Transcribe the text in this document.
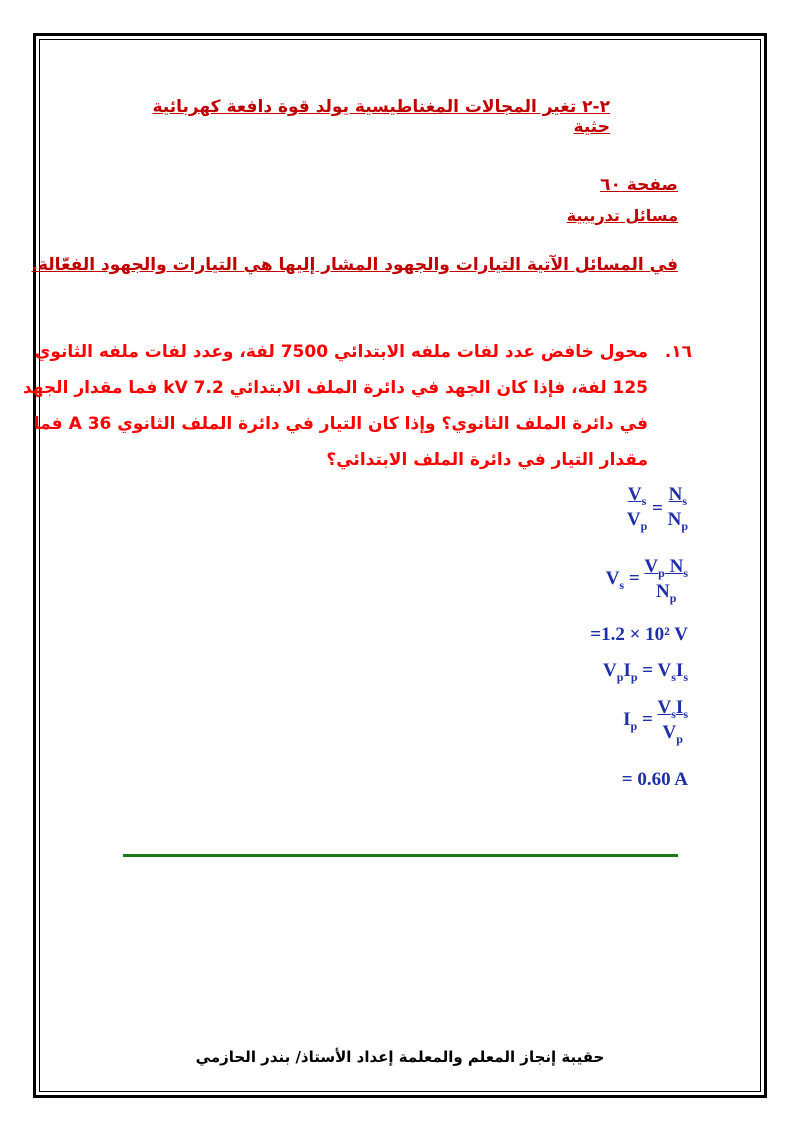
٢-٢ تغير المجالات المغناطيسية يولد قوة دافعة كهربائية حثية
صفحة ٦٠
مسائل تدريبية
في المسائل الآتية التيارات والجهود المشار إليها هي التيارات والجهود الفعّالة.
١٦.محول خافض عدد لفات ملفه الابتدائي 7500 لفة، وعدد لفات ملفه الثانوي
125 لفة، فإذا كان الجهد في دائرة الملف الابتدائي 7.2 kV فما مقدار الجهد
في دائرة الملف الثانوي؟ وإذا كان التيار في دائرة الملف الثانوي 36 A فما
مقدار التيار في دائرة الملف الابتدائي؟
$V_s$
$V_p = N_s$
$N_p$
$V_s = V_p$ $N_s$
$N_p$
=1.2 × 10² V
$V_pI_p = V_sI_s$
$I_p = V_sI_s$
$V_p$
= 0.60 A
حقيبة إنجاز المعلم والمعلمة إعداد الأستاذ/ بندر الحازمي
